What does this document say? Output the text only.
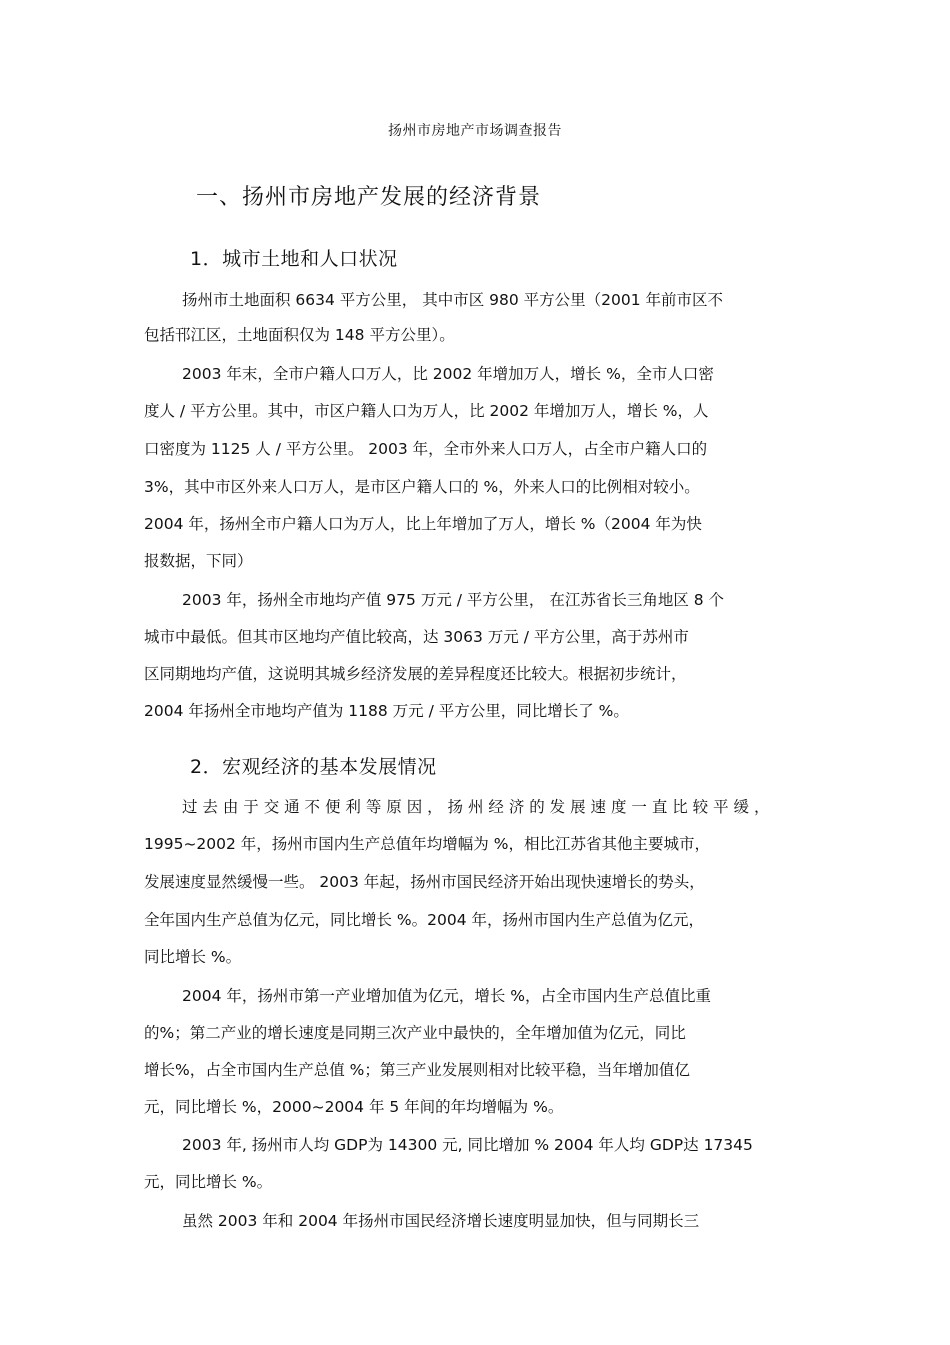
扬州市房地产市场调查报告
一、扬州市房地产发展的经济背景
1．城市土地和人口状况
扬州市土地面积 6634 平方公里， 其中市区 980 平方公里（2001 年前市区不
包括邗江区，土地面积仅为 148 平方公里）。
2003 年末，全市户籍人口万人，比 2002 年增加万人，增长 %，全市人口密
度人 / 平方公里。其中，市区户籍人口为万人，比 2002 年增加万人，增长 %，人
口密度为 1125 人 / 平方公里。 2003 年，全市外来人口万人，占全市户籍人口的
3%，其中市区外来人口万人，是市区户籍人口的 %，外来人口的比例相对较小。
2004 年，扬州全市户籍人口为万人，比上年增加了万人，增长 %（2004 年为快
报数据，下同）
2003 年，扬州全市地均产值 975 万元 / 平方公里， 在江苏省长三角地区 8 个
城市中最低。但其市区地均产值比较高，达 3063 万元 / 平方公里，高于苏州市
区同期地均产值，这说明其城乡经济发展的差异程度还比较大。根据初步统计，
2004 年扬州全市地均产值为 1188 万元 / 平方公里，同比增长了 %。
2．宏观经济的基本发展情况
过 去 由 于 交 通 不 便 利 等 原 因 ， 扬 州 经 济 的 发 展 速 度 一 直 比 较 平 缓 ，
1995~2002 年，扬州市国内生产总值年均增幅为 %，相比江苏省其他主要城市，
发展速度显然缓慢一些。 2003 年起，扬州市国民经济开始出现快速增长的势头，
全年国内生产总值为亿元，同比增长 %。2004 年，扬州市国内生产总值为亿元，
同比增长 %。
2004 年，扬州市第一产业增加值为亿元，增长 %，占全市国内生产总值比重
的%；第二产业的增长速度是同期三次产业中最快的，全年增加值为亿元，同比
增长%，占全市国内生产总值 %；第三产业发展则相对比较平稳，当年增加值亿
元，同比增长 %，2000~2004 年 5 年间的年均增幅为 %。
2003 年, 扬州市人均 GDP为 14300 元, 同比增加 % 2004 年人均 GDP达 17345
元，同比增长 %。
虽然 2003 年和 2004 年扬州市国民经济增长速度明显加快，但与同期长三
